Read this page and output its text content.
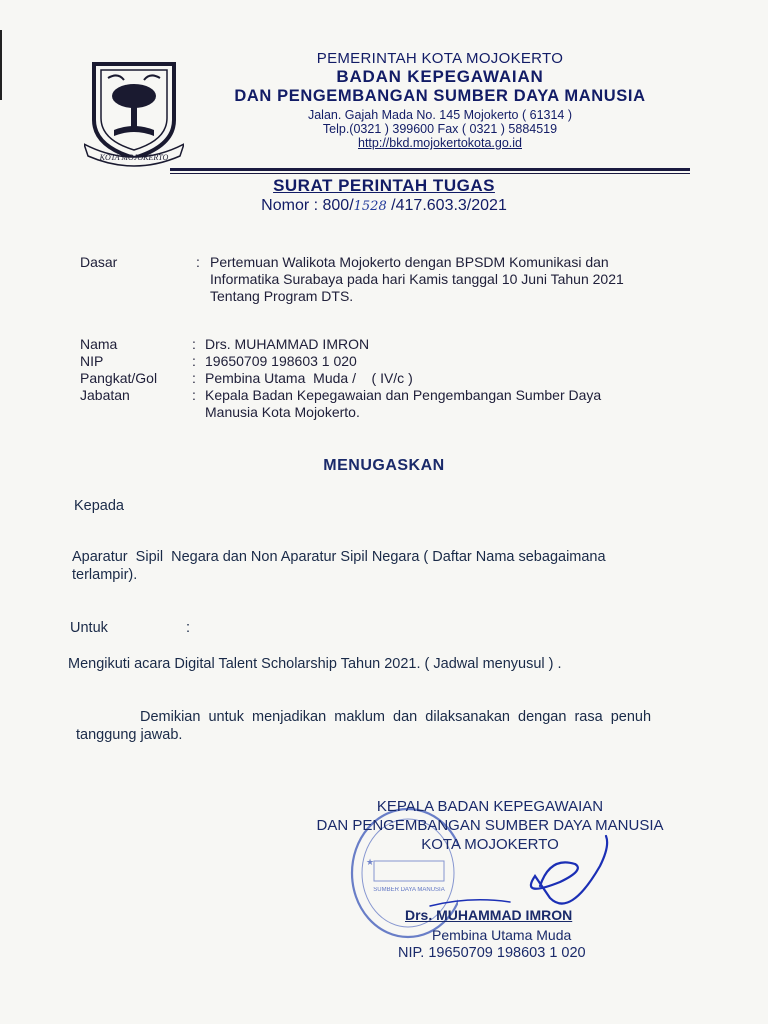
KOTA MOJOKERTO
PEMERINTAH KOTA MOJOKERTO
BADAN KEPEGAWAIAN
DAN PENGEMBANGAN SUMBER DAYA MANUSIA
Jalan. Gajah Mada No. 145 Mojokerto ( 61314 )
Telp.(0321 ) 399600 Fax ( 0321 ) 5884519
http://bkd.mojokertokota.go.id
SURAT PERINTAH TUGAS
Nomor : 800/1528 /417.603.3/2021
Dasar	: Pertemuan Walikota Mojokerto dengan BPSDM Komunikasi dan
Informatika Surabaya pada hari Kamis tanggal 10 Juni Tahun 2021
Tentang Program DTS.
Nama	: Drs. MUHAMMAD IMRON
NIP	: 19650709 198603 1 020
Pangkat/Gol : Pembina Utama  Muda /    ( IV/c )
Jabatan	: Kepala Badan Kepegawaian dan Pengembangan Sumber Daya
Manusia Kota Mojokerto.
MENUGASKAN
Kepada
Aparatur  Sipil  Negara dan Non Aparatur Sipil Negara ( Daftar Nama sebagaimana
terlampir).
Untuk	:
Mengikuti acara Digital Talent Scholarship Tahun 2021. ( Jadwal menyusul ) .
Demikian  untuk  menjadikan  maklum  dan  dilaksanakan  dengan  rasa  penuh
tanggung jawab.
SUMBER DAYA MANUSIA
★
KEPALA BADAN KEPEGAWAIAN
DAN PENGEMBANGAN SUMBER DAYA MANUSIA
KOTA MOJOKERTO
Drs. MUHAMMAD IMRON
Pembina Utama Muda
NIP. 19650709 198603 1 020
